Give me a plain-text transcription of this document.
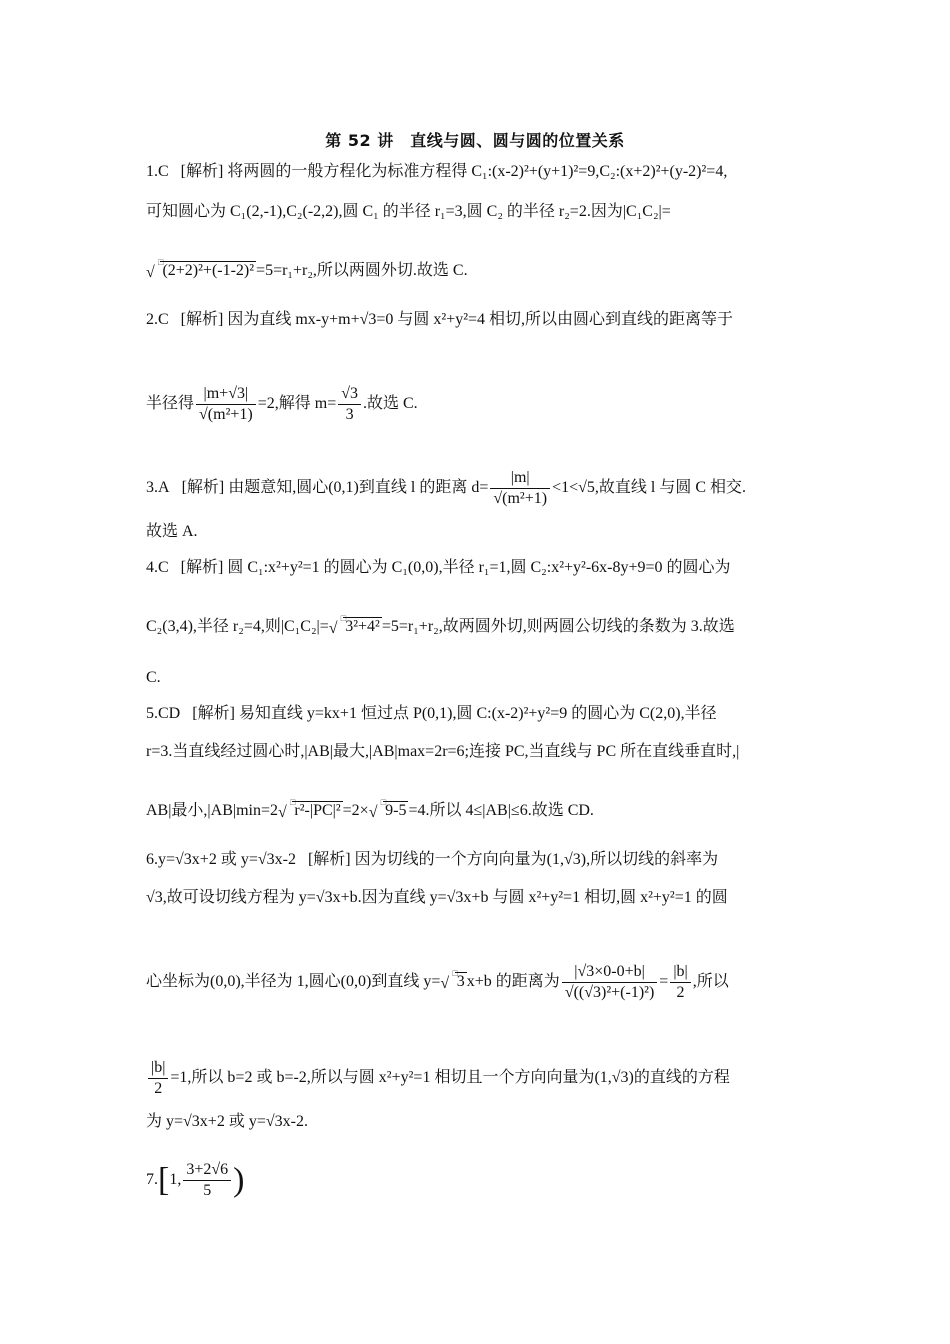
第 52 讲　直线与圆、圆与圆的位置关系
1.C [解析] 将两圆的一般方程化为标准方程得 C₁:(x-2)²+(y+1)²=9,C₂:(x+2)²+(y-2)²=4,
可知圆心为 C₁(2,-1),C₂(-2,2),圆 C₁ 的半径 r₁=3,圆 C₂ 的半径 r₂=2.因为|C₁C₂|=
□
√ (2+2)²+(-1-2)² =5=r₁+r₂,所以两圆外切.故选 C.
2.C [解析] 因为直线 mx-y+m+√3=0 与圆 x²+y²=4 相切,所以由圆心到直线的距离等于
半径得 $\frac{|m+√3|}{\text{√(m²+1)}} =2$,解得 $m= \frac{√3}{3}$ .故选 C.
3.A [解析] 由题意知,圆心(0,1)到直线 l 的距离 $d= \frac{|m|}{\text{√(m²+1)}} <1<√5$,故直线 l 与圆 C 相交.
故选 A.
4.C [解析] 圆 C₁:x²+y²=1 的圆心为 C₁(0,0),半径 r₁=1,圆 C₂:x²+y²-6x-8y+9=0 的圆心为
C₂(3,4),半径 r₂=4,则|C₁C₂|= □
√ 3²+4² =5=r₁+r₂,故两圆外切,则两圆公切线的条数为 3.故选
C.
5.CD [解析] 易知直线 y=kx+1 恒过点 P(0,1),圆 C:(x-2)²+y²=9 的圆心为 C(2,0),半径
r=3.当直线经过圆心时,|AB|最大,|AB|max=2r=6;连接 PC,当直线与 PC 所在直线垂直时,|
AB|最小,|AB|min=2 □
√ r²-|PC|² =2× □
√ 9-5 =4.所以 4≤|AB|≤6.故选 CD.
6.y=√3x+2 或 y=√3x-2 [解析] 因为切线的一个方向向量为(1,√3),所以切线的斜率为
√3,故可设切线方程为 y=√3x+b.因为直线 y=√3x+b 与圆 x²+y²=1 相切,圆 x²+y²=1 的圆
心坐标为(0,0),半径为 1,圆心(0,0)到直线 y= □
√ 3 x+b 的距离为 $\frac{|√3\times 0-0+b|}{\text{√((√3)²+(-1)²)}} = \frac{|b|}{2}$ ,所以
$\frac{|b|}{2} =1$,所以 b=2 或 b=-2,所以与圆 x²+y²=1 相切且一个方向向量为(1,√3)的直线的方程
为 y=√3x+2 或 y=√3x-2.
7.[1, $\frac{3+2√6}{5}$ )
